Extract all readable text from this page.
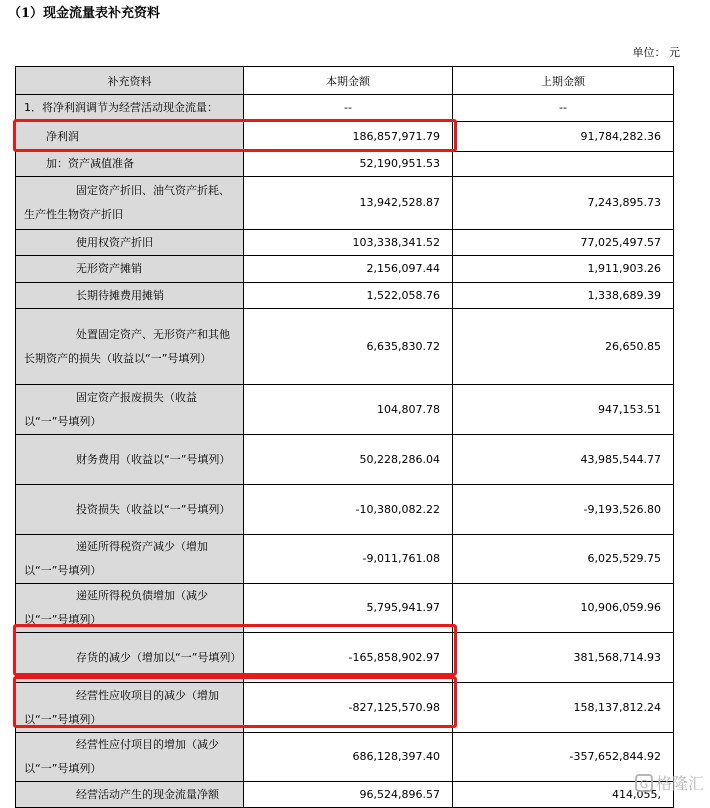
（1）现金流量表补充资料
单位： 元
补充资料	本期金额	上期金额

1．将净利润调节为经营活动现金流量：	--	--

净利润	186,857,971.79	91,784,282.36

加：资产减值准备	52,190,951.53	

固定资产折旧、油气资产折耗、生产性生物资产折旧	13,942,528.87	7,243,895.73

使用权资产折旧	103,338,341.52	77,025,497.57

无形资产摊销	2,156,097.44	1,911,903.26

长期待摊费用摊销	1,522,058.76	1,338,689.39

处置固定资产、无形资产和其他长期资产的损失（收益以“一”号填列）	6,635,830.72	26,650.85

固定资产报废损失（收益以“一”号填列）	104,807.78	947,153.51

财务费用（收益以“一”号填列）	50,228,286.04	43,985,544.77

投资损失（收益以“一”号填列）	-10,380,082.22	-9,193,526.80

递延所得税资产减少（增加以“一”号填列）	-9,011,761.08	6,025,529.75

递延所得税负债增加（减少以“一”号填列）	5,795,941.97	10,906,059.96

存货的减少（增加以“一”号填列）	-165,858,902.97	381,568,714.93

经营性应收项目的减少（增加以“一”号填列）	-827,125,570.98	158,137,812.24

经营性应付项目的增加（减少以“一”号填列）	686,128,397.40	-357,652,844.92

经营活动产生的现金流量净额	96,524,896.57	414,055,
G 格隆汇
